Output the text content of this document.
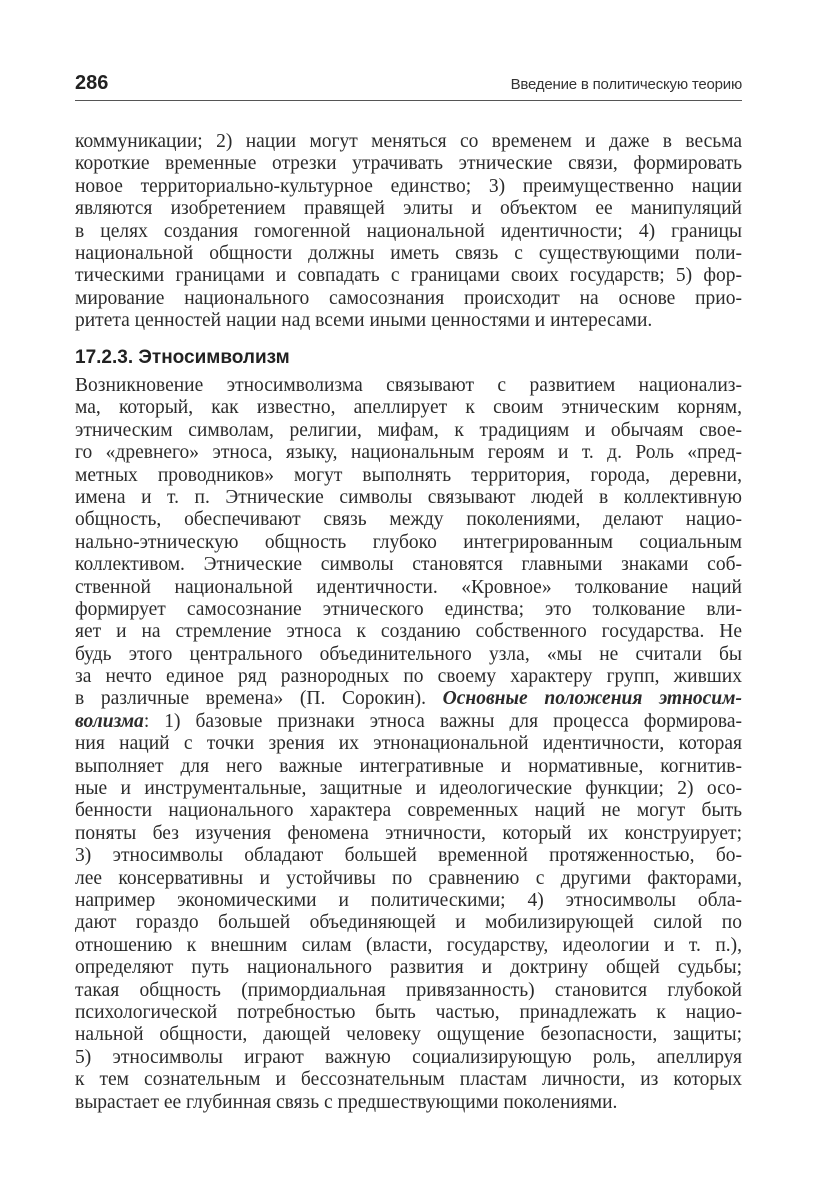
286	Введение в политическую теорию
коммуникации; 2) нации могут меняться со временем и даже в весьма
короткие временные отрезки утрачивать этнические связи, формировать
новое территориально-культурное единство; 3) преимущественно нации
являются изобретением правящей элиты и объектом ее манипуляций
в целях создания гомогенной национальной идентичности; 4) границы
национальной общности должны иметь связь с существующими поли-
тическими границами и совпадать с границами своих государств; 5) фор-
мирование национального самосознания происходит на основе прио-
ритета ценностей нации над всеми иными ценностями и интересами.
17.2.3. Этносимволизм
Возникновение этносимволизма связывают с развитием национализ-
ма, который, как известно, апеллирует к своим этническим корням,
этническим символам, религии, мифам, к традициям и обычаям свое-
го «древнего» этноса, языку, национальным героям и т. д. Роль «пред-
метных проводников» могут выполнять территория, города, деревни,
имена и т. п. Этнические символы связывают людей в коллективную
общность, обеспечивают связь между поколениями, делают нацио-
нально-этническую общность глубоко интегрированным социальным
коллективом. Этнические символы становятся главными знаками соб-
ственной национальной идентичности. «Кровное» толкование наций
формирует самосознание этнического единства; это толкование вли-
яет и на стремление этноса к созданию собственного государства. Не
будь этого центрального объединительного узла, «мы не считали бы
за нечто единое ряд разнородных по своему характеру групп, живших
в различные времена» (П. Сорокин). Основные положения этносим-
волизма: 1) базовые признаки этноса важны для процесса формирова-
ния наций с точки зрения их этнонациональной идентичности, которая
выполняет для него важные интегративные и нормативные, когнитив-
ные и инструментальные, защитные и идеологические функции; 2) осо-
бенности национального характера современных наций не могут быть
поняты без изучения феномена этничности, который их конструирует;
3) этносимволы обладают большей временной протяженностью, бо-
лее консервативны и устойчивы по сравнению с другими факторами,
например экономическими и политическими; 4) этносимволы обла-
дают гораздо большей объединяющей и мобилизирующей силой по
отношению к внешним силам (власти, государству, идеологии и т. п.),
определяют путь национального развития и доктрину общей судьбы;
такая общность (примордиальная привязанность) становится глубокой
психологической потребностью быть частью, принадлежать к нацио-
нальной общности, дающей человеку ощущение безопасности, защиты;
5) этносимволы играют важную социализирующую роль, апеллируя
к тем сознательным и бессознательным пластам личности, из которых
вырастает ее глубинная связь с предшествующими поколениями.
